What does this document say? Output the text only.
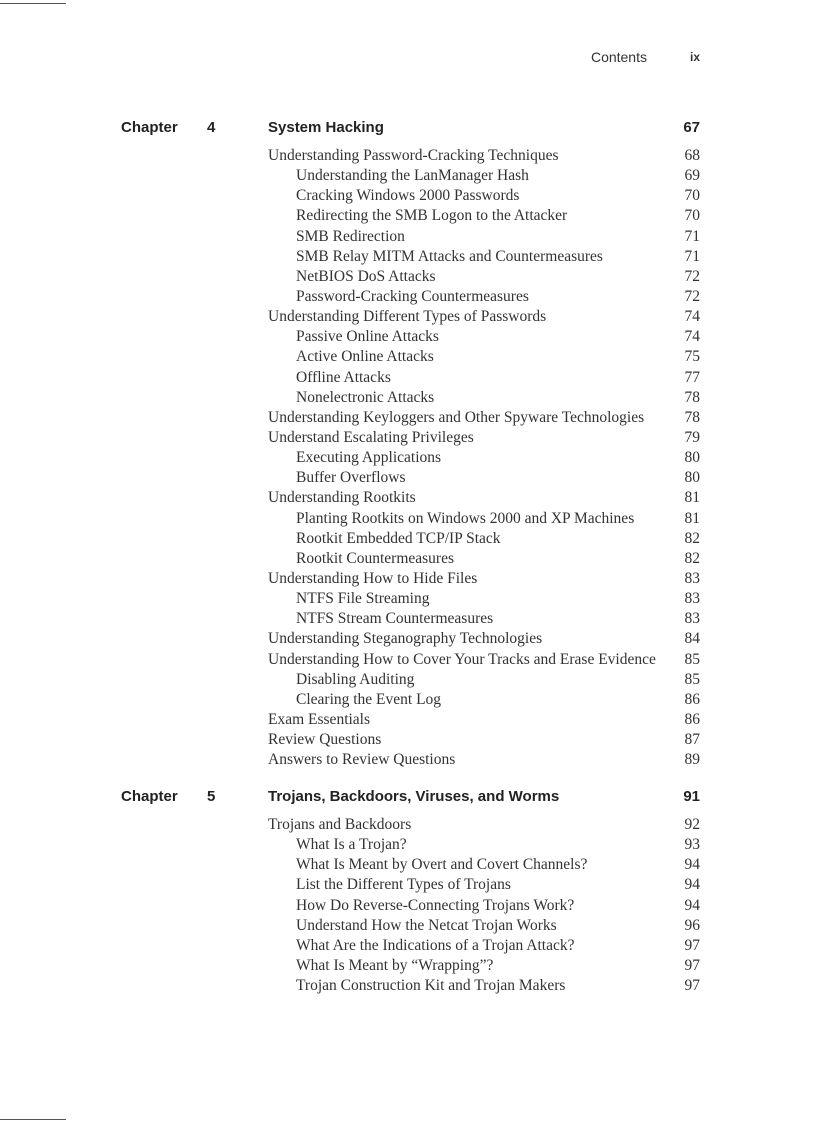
Contents	ix
Chapter 4	System Hacking	67
Understanding Password-Cracking Techniques	68
Understanding the LanManager Hash	69
Cracking Windows 2000 Passwords	70
Redirecting the SMB Logon to the Attacker	70
SMB Redirection	71
SMB Relay MITM Attacks and Countermeasures	71
NetBIOS DoS Attacks	72
Password-Cracking Countermeasures	72
Understanding Different Types of Passwords	74
Passive Online Attacks	74
Active Online Attacks	75
Offline Attacks	77
Nonelectronic Attacks	78
Understanding Keyloggers and Other Spyware Technologies	78
Understand Escalating Privileges	79
Executing Applications	80
Buffer Overflows	80
Understanding Rootkits	81
Planting Rootkits on Windows 2000 and XP Machines	81
Rootkit Embedded TCP/IP Stack	82
Rootkit Countermeasures	82
Understanding How to Hide Files	83
NTFS File Streaming	83
NTFS Stream Countermeasures	83
Understanding Steganography Technologies	84
Understanding How to Cover Your Tracks and Erase Evidence 85
Disabling Auditing	85
Clearing the Event Log	86
Exam Essentials	86
Review Questions	87
Answers to Review Questions	89
Chapter 5	Trojans, Backdoors, Viruses, and Worms	91
Trojans and Backdoors	92
What Is a Trojan?	93
What Is Meant by Overt and Covert Channels?	94
List the Different Types of Trojans	94
How Do Reverse-Connecting Trojans Work?	94
Understand How the Netcat Trojan Works	96
What Are the Indications of a Trojan Attack?	97
What Is Meant by “Wrapping”?	97
Trojan Construction Kit and Trojan Makers	97
